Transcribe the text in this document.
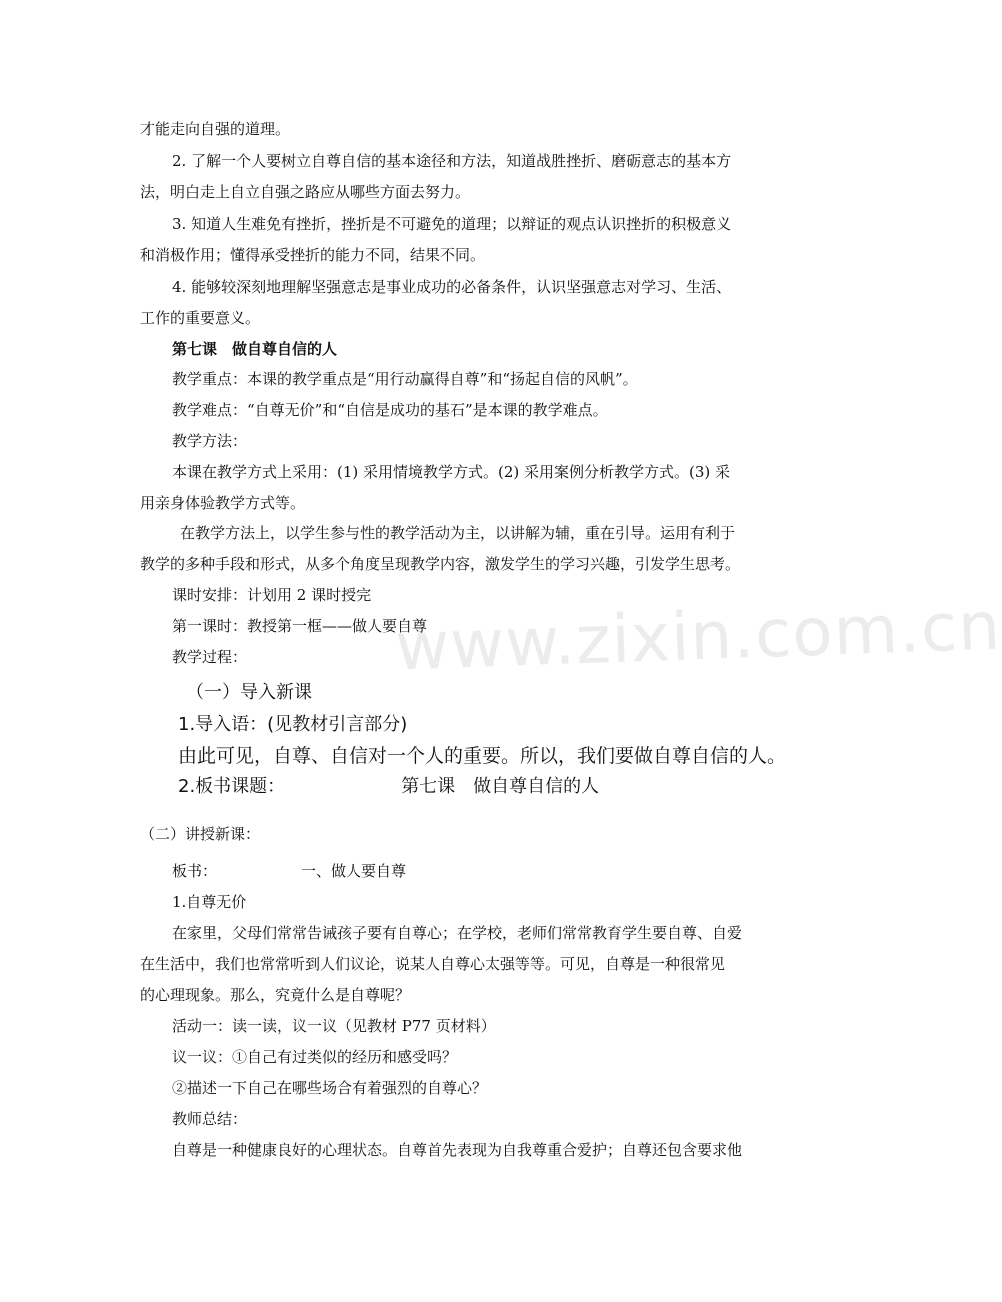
www.zixin.com.cn
才能走向自强的道理。
2. 了解一个人要树立自尊自信的基本途径和方法，知道战胜挫折、磨砺意志的基本方
法，明白走上自立自强之路应从哪些方面去努力。
3. 知道人生难免有挫折，挫折是不可避免的道理；以辩证的观点认识挫折的积极意义
和消极作用；懂得承受挫折的能力不同，结果不同。
4. 能够较深刻地理解坚强意志是事业成功的必备条件，认识坚强意志对学习、生活、
工作的重要意义。
第七课　做自尊自信的人
教学重点：本课的教学重点是“用行动赢得自尊”和“扬起自信的风帆”。
教学难点：“自尊无价”和“自信是成功的基石”是本课的教学难点。
教学方法：
本课在教学方式上采用：(1) 采用情境教学方式。(2) 采用案例分析教学方式。(3) 采
用亲身体验教学方式等。
在教学方法上，以学生参与性的教学活动为主，以讲解为辅，重在引导。运用有利于
教学的多种手段和形式，从多个角度呈现教学内容，激发学生的学习兴趣，引发学生思考。
课时安排：计划用 2 课时授完
第一课时：教授第一框——做人要自尊
教学过程：
（一）导入新课
1.导入语：(见教材引言部分)
由此可见，自尊、自信对一个人的重要。所以，我们要做自尊自信的人。
2.板书课题：	第七课　做自尊自信的人
（二）讲授新课：
板书：	一、做人要自尊
1.自尊无价
在家里，父母们常常告诫孩子要有自尊心；在学校，老师们常常教育学生要自尊、自爱
在生活中，我们也常常听到人们议论，说某人自尊心太强等等。可见，自尊是一种很常见
的心理现象。那么，究竟什么是自尊呢？
活动一：读一读，议一议（见教材 P77 页材料）
议一议：①自己有过类似的经历和感受吗？
②描述一下自己在哪些场合有着强烈的自尊心？
教师总结：
自尊是一种健康良好的心理状态。自尊首先表现为自我尊重合爱护；自尊还包含要求他
